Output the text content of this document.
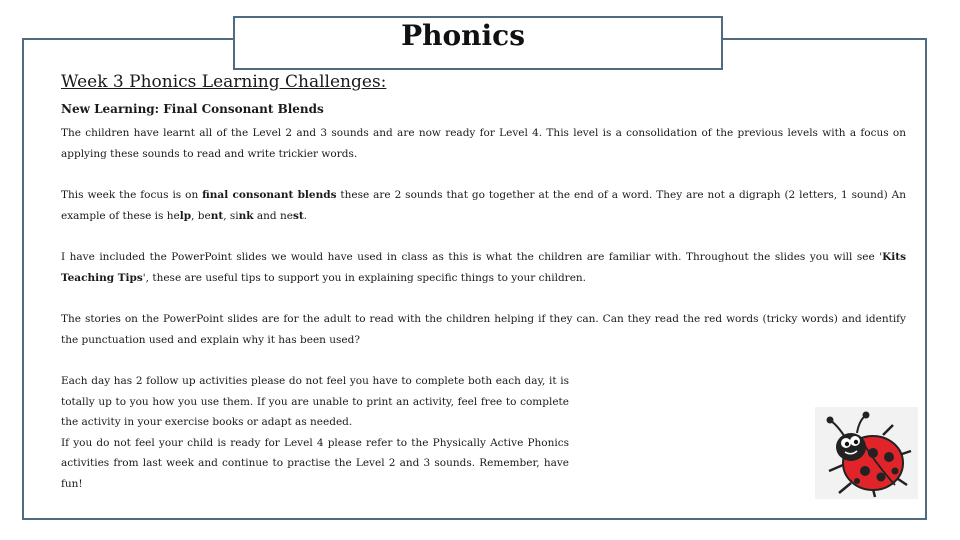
Phonics
Week 3 Phonics Learning Challenges:
New Learning: Final Consonant Blends

The children have learnt all of the Level 2 and 3 sounds and are now ready for Level 4. This level is a consolidation of the previous levels with a focus on applying these sounds to read and write trickier words.

This week the focus is on final consonant blends these are 2 sounds that go together at the end of a word. They are not a digraph (2 letters, 1 sound) An example of these is help, bent, sink and nest.

I have included the PowerPoint slides we would have used in class as this is what the children are familiar with. Throughout the slides you will see 'Kits Teaching Tips', these are useful tips to support you in explaining specific things to your children.

The stories on the PowerPoint slides are for the adult to read with the children helping if they can. Can they read the red words (tricky words) and identify the punctuation used and explain why it has been used?

Each day has 2 follow up activities please do not feel you have to complete both each day, it is totally up to you how you use them. If you are unable to print an activity, feel free to complete the activity in your exercise books or adapt as needed.

If you do not feel your child is ready for Level 4 please refer to the Physically Active Phonics activities from last week and continue to practise the Level 2 and 3 sounds. Remember, have fun!
